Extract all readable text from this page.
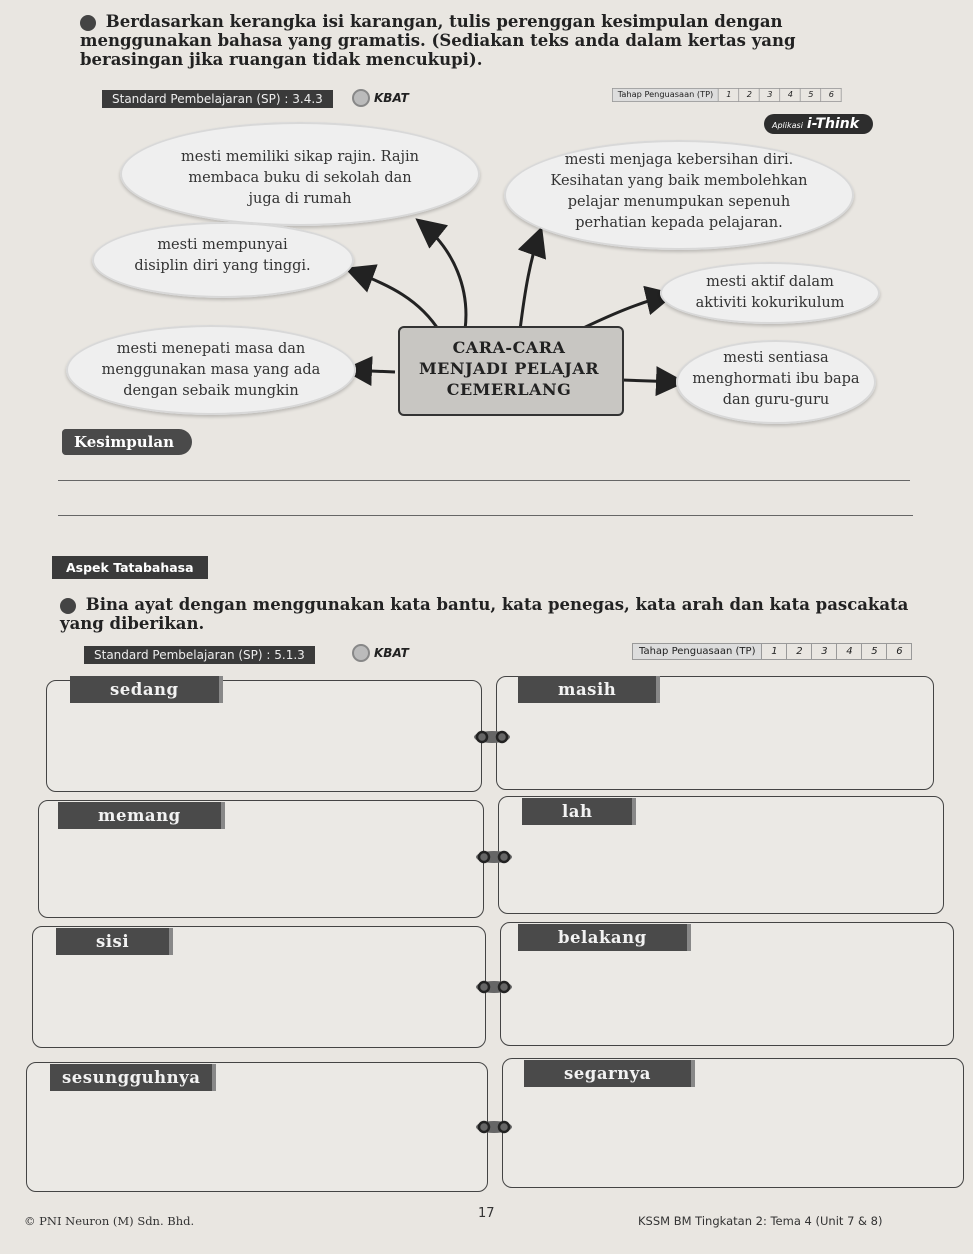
Berdasarkan kerangka isi karangan, tulis perenggan kesimpulan dengan menggunakan bahasa yang gramatis. (Sediakan teks anda dalam kertas yang berasingan jika ruangan tidak mencukupi).
Standard Pembelajaran (SP) : 3.4.3	KBAT	Tahap Penguasaan (TP)	1	2	3	4	5	6
Aplikasi i-Think
mesti memiliki sikap rajin. Rajin
membaca buku di sekolah dan
juga di rumah
mesti mempunyai
disiplin diri yang tinggi.
mesti menepati masa dan
menggunakan masa yang ada
dengan sebaik mungkin
mesti menjaga kebersihan diri.
Kesihatan yang baik membolehkan
pelajar menumpukan sepenuh
perhatian kepada pelajaran.
mesti aktif dalam
aktiviti kokurikulum
mesti sentiasa
menghormati ibu bapa
dan guru-guru
CARA-CARA
MENJADI PELAJAR
CEMERLANG
Kesimpulan
Aspek Tatabahasa
Bina ayat dengan menggunakan kata bantu, kata penegas, kata arah dan kata pascakata yang diberikan.
Standard Pembelajaran (SP) : 5.1.3	KBAT	Tahap Penguasaan (TP)	1	2	3	4	5	6
sedang	masih
memang	lah
sisi	belakang
sesungguhnya	segarnya
© PNI Neuron (M) Sdn. Bhd.	17	KSSM BM Tingkatan 2: Tema 4 (Unit 7 & 8)
